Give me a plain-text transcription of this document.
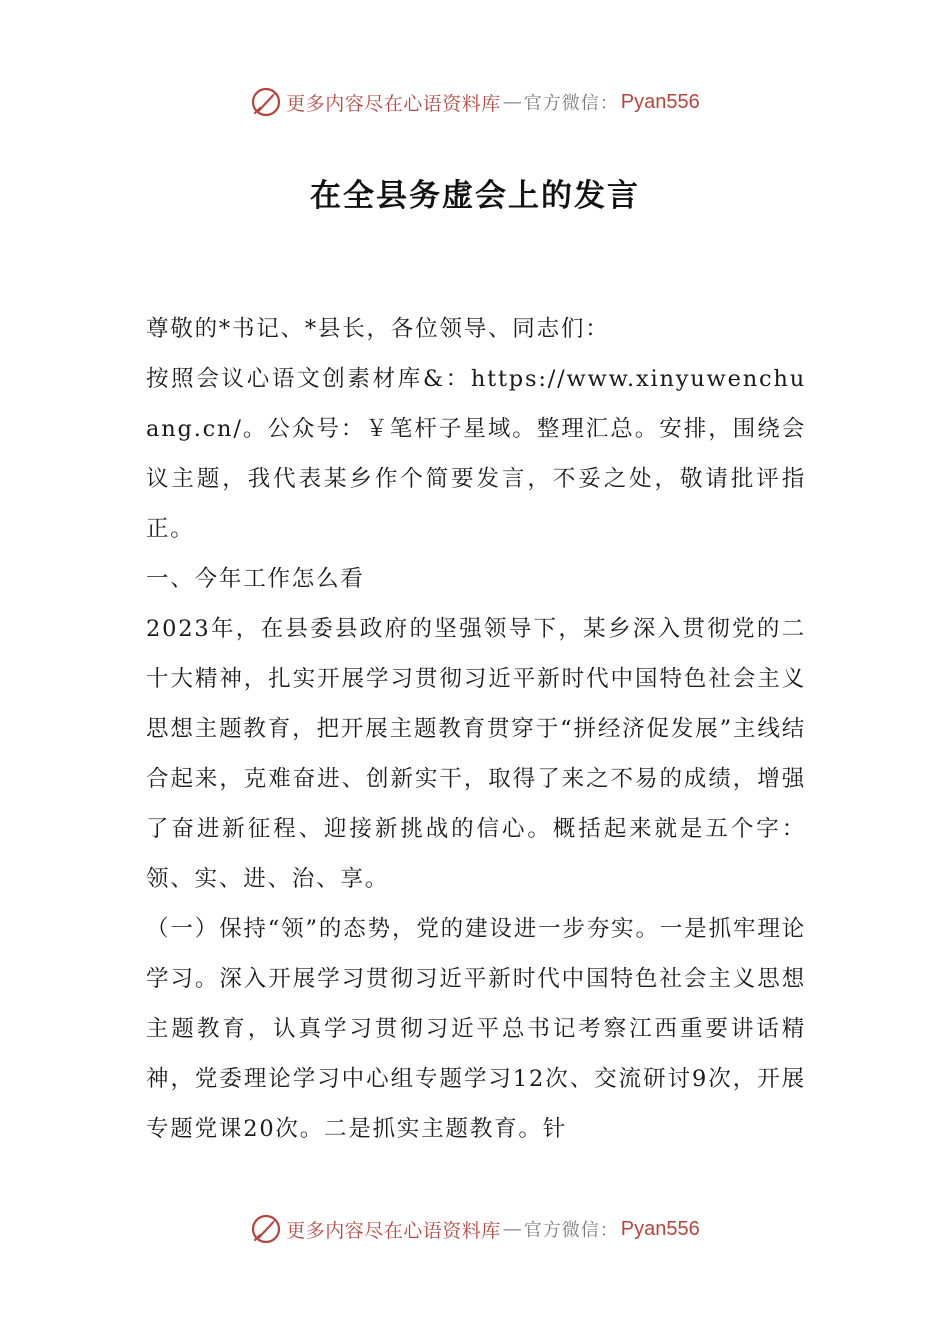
更多内容尽在心语资料库 — 官方微信： Pyan556
在全县务虚会上的发言

尊敬的*书记、*县长，各位领导、同志们：

按照会议心语文创素材库&：https://www.xinyuwenchuang.cn/。公众号：￥笔杆子星域。整理汇总。安排，围绕会议主题，我代表某乡作个简要发言，不妥之处，敬请批评指正。

一、今年工作怎么看

2023年，在县委县政府的坚强领导下，某乡深入贯彻党的二十大精神，扎实开展学习贯彻习近平新时代中国特色社会主义思想主题教育，把开展主题教育贯穿于“拼经济促发展”主线结合起来，克难奋进、创新实干，取得了来之不易的成绩，增强了奋进新征程、迎接新挑战的信心。概括起来就是五个字：领、实、进、治、享。

（一）保持“领”的态势，党的建设进一步夯实。一是抓牢理论学习。深入开展学习贯彻习近平新时代中国特色社会主义思想主题教育，认真学习贯彻习近平总书记考察江西重要讲话精神，党委理论学习中心组专题学习12次、交流研讨9次，开展专题党课20次。二是抓实主题教育。针

更多内容尽在心语资料库 — 官方微信： Pyan556
